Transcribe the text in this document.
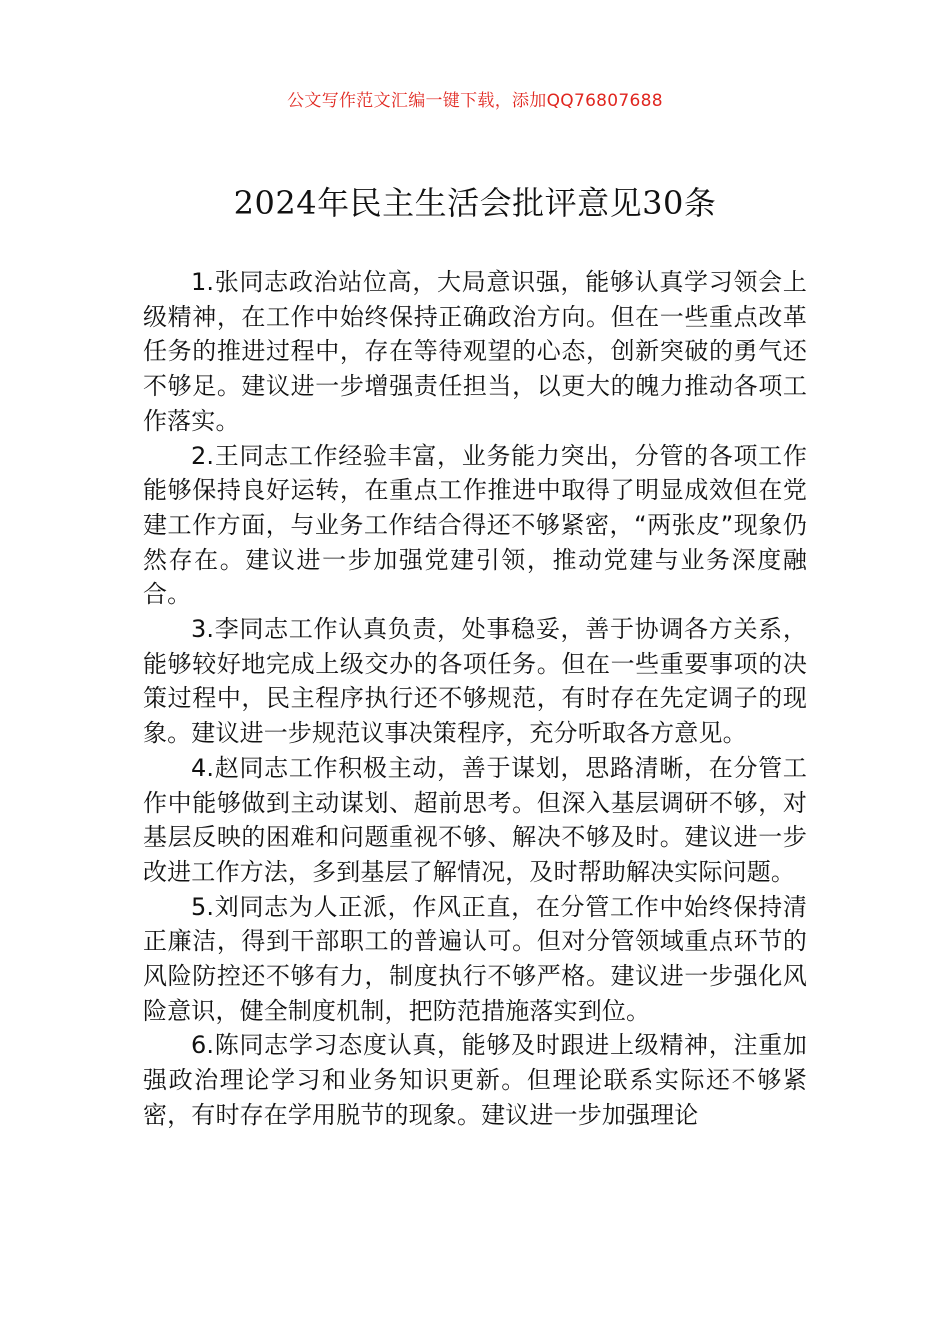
公文写作范文汇编一键下载，添加QQ76807688
2024年民主生活会批评意见30条

1.张同志政治站位高，大局意识强，能够认真学习领会上级精神，在工作中始终保持正确政治方向。但在一些重点改革任务的推进过程中，存在等待观望的心态，创新突破的勇气还不够足。建议进一步增强责任担当，以更大的魄力推动各项工作落实。

2.王同志工作经验丰富，业务能力突出，分管的各项工作能够保持良好运转，在重点工作推进中取得了明显成效但在党建工作方面，与业务工作结合得还不够紧密，“两张皮”现象仍然存在。建议进一步加强党建引领，推动党建与业务深度融合。

3.李同志工作认真负责，处事稳妥，善于协调各方关系，能够较好地完成上级交办的各项任务。但在一些重要事项的决策过程中，民主程序执行还不够规范，有时存在先定调子的现象。建议进一步规范议事决策程序，充分听取各方意见。

4.赵同志工作积极主动，善于谋划，思路清晰，在分管工作中能够做到主动谋划、超前思考。但深入基层调研不够，对基层反映的困难和问题重视不够、解决不够及时。建议进一步改进工作方法，多到基层了解情况，及时帮助解决实际问题。

5.刘同志为人正派，作风正直，在分管工作中始终保持清正廉洁，得到干部职工的普遍认可。但对分管领域重点环节的风险防控还不够有力，制度执行不够严格。建议进一步强化风险意识，健全制度机制，把防范措施落实到位。

6.陈同志学习态度认真，能够及时跟进上级精神，注重加强政治理论学习和业务知识更新。但理论联系实际还不够紧密，有时存在学用脱节的现象。建议进一步加强理论
